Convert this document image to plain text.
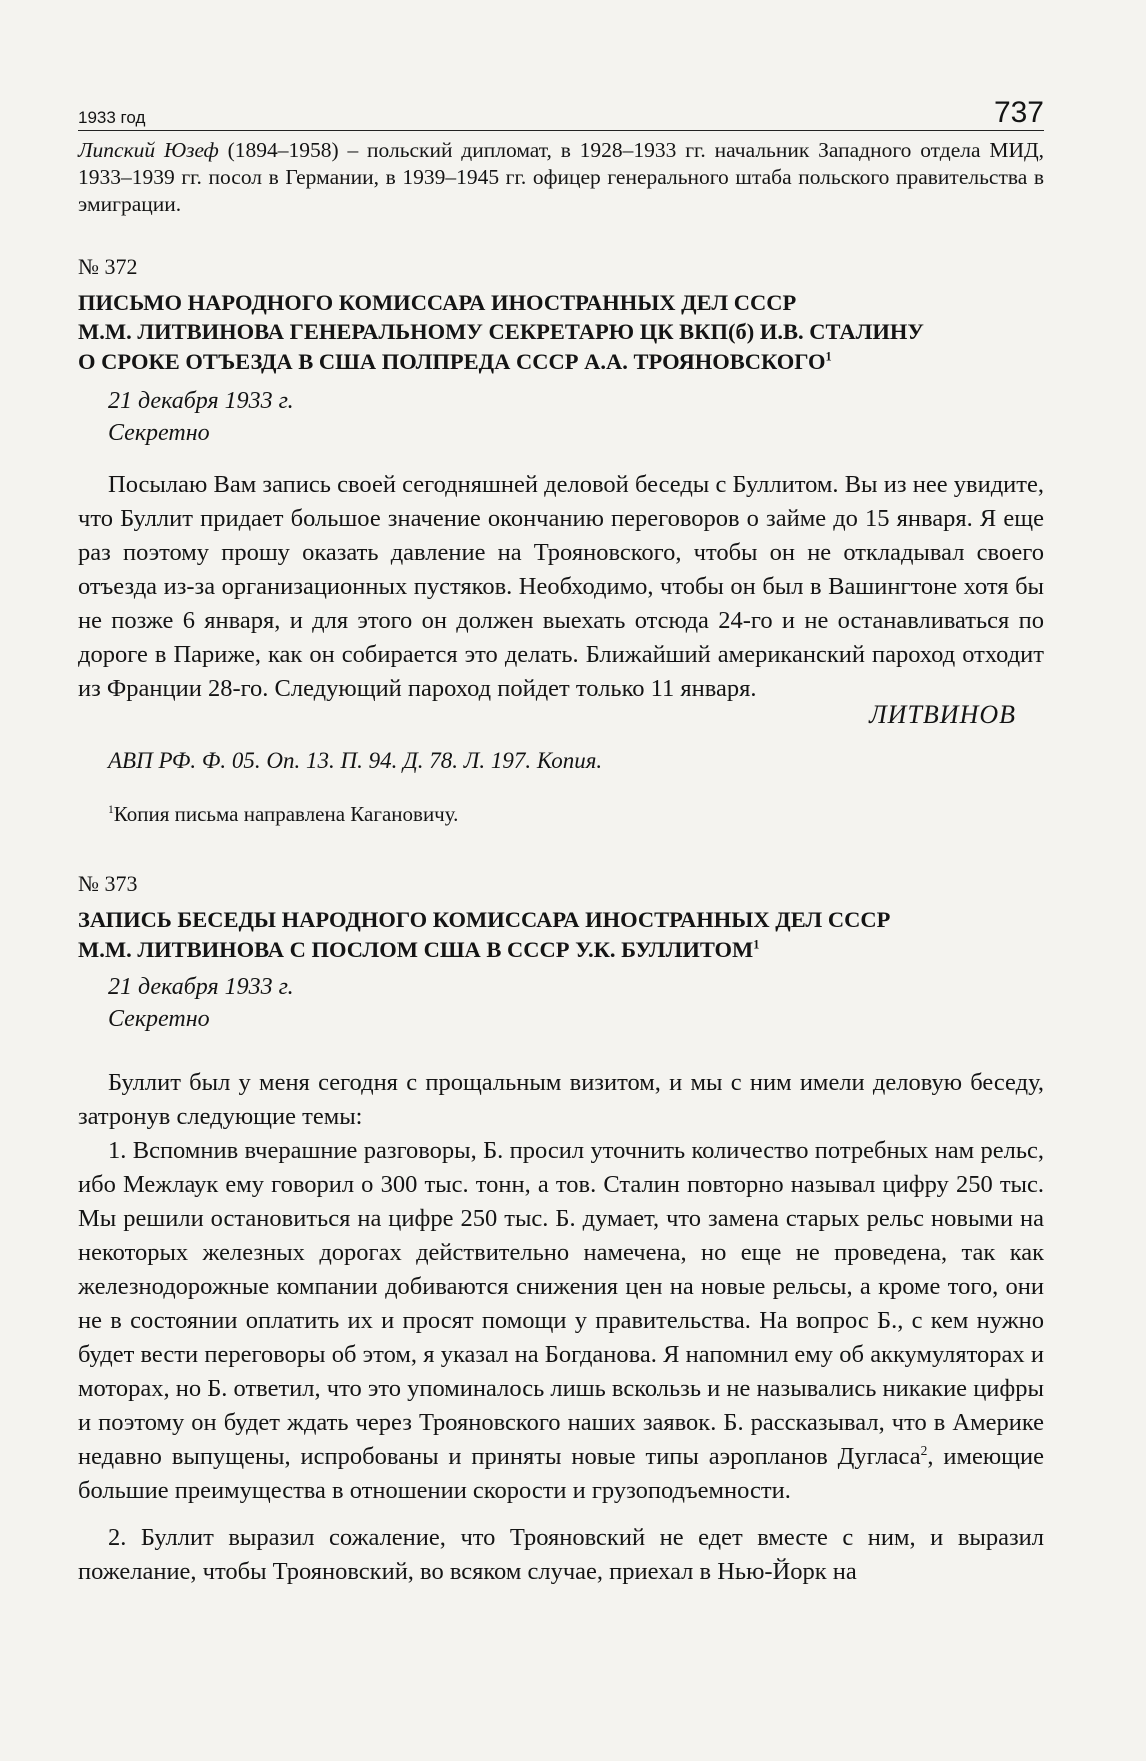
1933 год	737

Липский Юзеф (1894–1958) – польский дипломат, в 1928–1933 гг. начальник Западного отдела МИД, 1933–1939 гг. посол в Германии, в 1939–1945 гг. офицер генерального штаба польского правительства в эмиграции.

№ 372
ПИСЬМО НАРОДНОГО КОМИССАРА ИНОСТРАННЫХ ДЕЛ СССР
М.М. ЛИТВИНОВА ГЕНЕРАЛЬНОМУ СЕКРЕТАРЮ ЦК ВКП(б) И.В. СТАЛИНУ
О СРОКЕ ОТЪЕЗДА В США ПОЛПРЕДА СССР А.А. ТРОЯНОВСКОГО$^1$
21 декабря 1933 г.
Секретно

Посылаю Вам запись своей сегодняшней деловой беседы с Буллитом. Вы из нее увидите, что Буллит придает большое значение окончанию переговоров о займе до 15 января. Я еще раз поэтому прошу оказать давление на Трояновского, чтобы он не откладывал своего отъезда из-за организационных пустяков. Необходимо, чтобы он был в Вашингтоне хотя бы не позже 6 января, и для этого он должен выехать отсюда 24-го и не останавливаться по дороге в Париже, как он собирается это делать. Ближайший американский пароход отходит из Франции 28-го. Следующий пароход пойдет только 11 января.

ЛИТВИНОВ
АВП РФ. Ф. 05. Оп. 13. П. 94. Д. 78. Л. 197. Копия.
$^1$Копия письма направлена Кагановичу.
№ 373
ЗАПИСЬ БЕСЕДЫ НАРОДНОГО КОМИССАРА ИНОСТРАННЫХ ДЕЛ СССР
М.М. ЛИТВИНОВА С ПОСЛОМ США В СССР У.К. БУЛЛИТОМ$^1$
21 декабря 1933 г.
Секретно

Буллит был у меня сегодня с прощальным визитом, и мы с ним имели деловую беседу, затронув следующие темы:

1. Вспомнив вчерашние разговоры, Б. просил уточнить количество потребных нам рельс, ибо Межлаук ему говорил о 300 тыс. тонн, а тов. Сталин повторно называл цифру 250 тыс. Мы решили остановиться на цифре 250 тыс. Б. думает, что замена старых рельс новыми на некоторых железных дорогах действительно намечена, но еще не проведена, так как железнодорожные компании добиваются снижения цен на новые рельсы, а кроме того, они не в состоянии оплатить их и просят помощи у правительства. На вопрос Б., с кем нужно будет вести переговоры об этом, я указал на Богданова. Я напомнил ему об аккумуляторах и моторах, но Б. ответил, что это упоминалось лишь вскользь и не назывались никакие цифры и поэтому он будет ждать через Трояновского наших заявок. Б. рассказывал, что в Америке недавно выпущены, испробованы и приняты новые типы аэропланов Дугласа$^2$, имеющие большие преимущества в отношении скорости и грузоподъемности.

2. Буллит выразил сожаление, что Трояновский не едет вместе с ним, и выразил пожелание, чтобы Трояновский, во всяком случае, приехал в Нью-Йорк на
